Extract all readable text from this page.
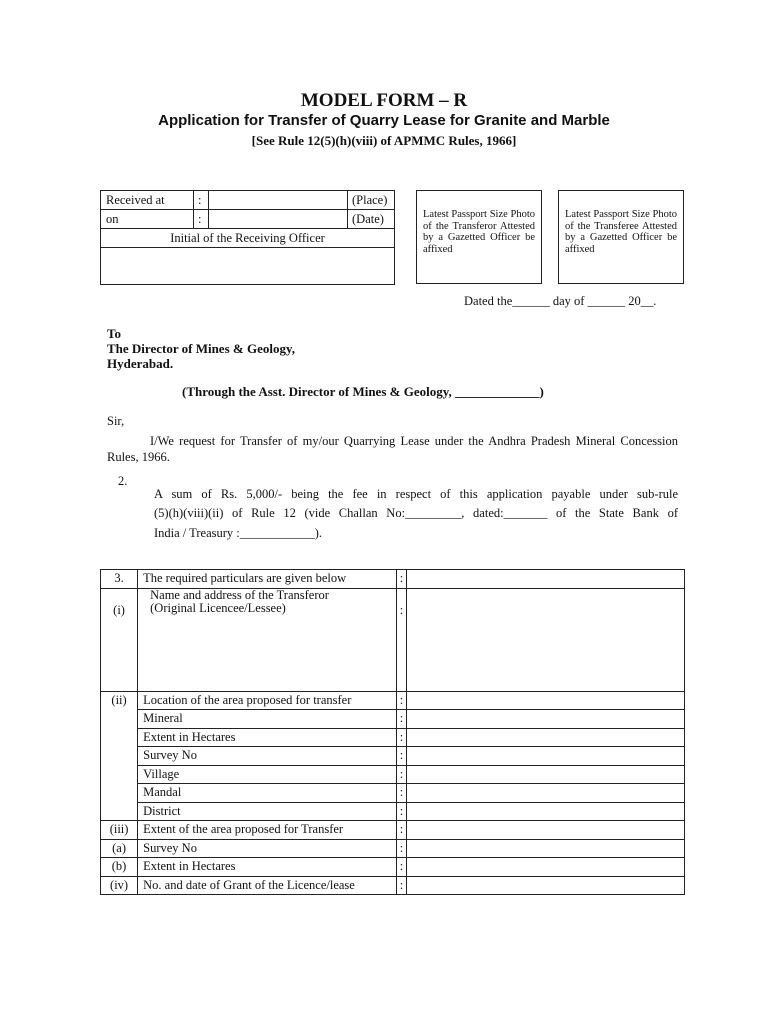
MODEL FORM – R
Application for Transfer of Quarry Lease for Granite and Marble
[See Rule 12(5)(h)(viii) of APMMC Rules, 1966]
Received at	:		(Place)
on	:		(Date)
Initial of the Receiving Officer			

Latest Passport Size Photo of the Transferor Attested by a Gazetted Officer be affixed
Latest Passport Size Photo of the Transferee Attested by a Gazetted Officer be affixed
Dated the______ day of ______ 20__.
To
The Director of Mines & Geology,
Hyderabad.
(Through the Asst. Director of Mines & Geology, _____________)
Sir,
I/We request for Transfer of my/our Quarrying Lease under the Andhra Pradesh Mineral Concession Rules, 1966.
2.
A sum of Rs. 5,000/- being the fee in respect of this application payable under sub-rule
(5)(h)(viii)(ii) of Rule 12 (vide Challan No:_________, dated:_______ of the State Bank of
India / Treasury :____________).
3.	The required particulars are given below	:	
(i)	Name and address of the Transferor
(Original Licencee/Lessee)	:	
(ii)	Location of the area proposed for transfer	:	
	Mineral	:	
	Extent in Hectares	:	
	Survey No	:	
	Village	:	
	Mandal	:	
	District	:	
(iii)	Extent of the area proposed for Transfer	:	
(a)	Survey No	:	
(b)	Extent in Hectares	:	
(iv)	No. and date of Grant of the Licence/lease	:	
